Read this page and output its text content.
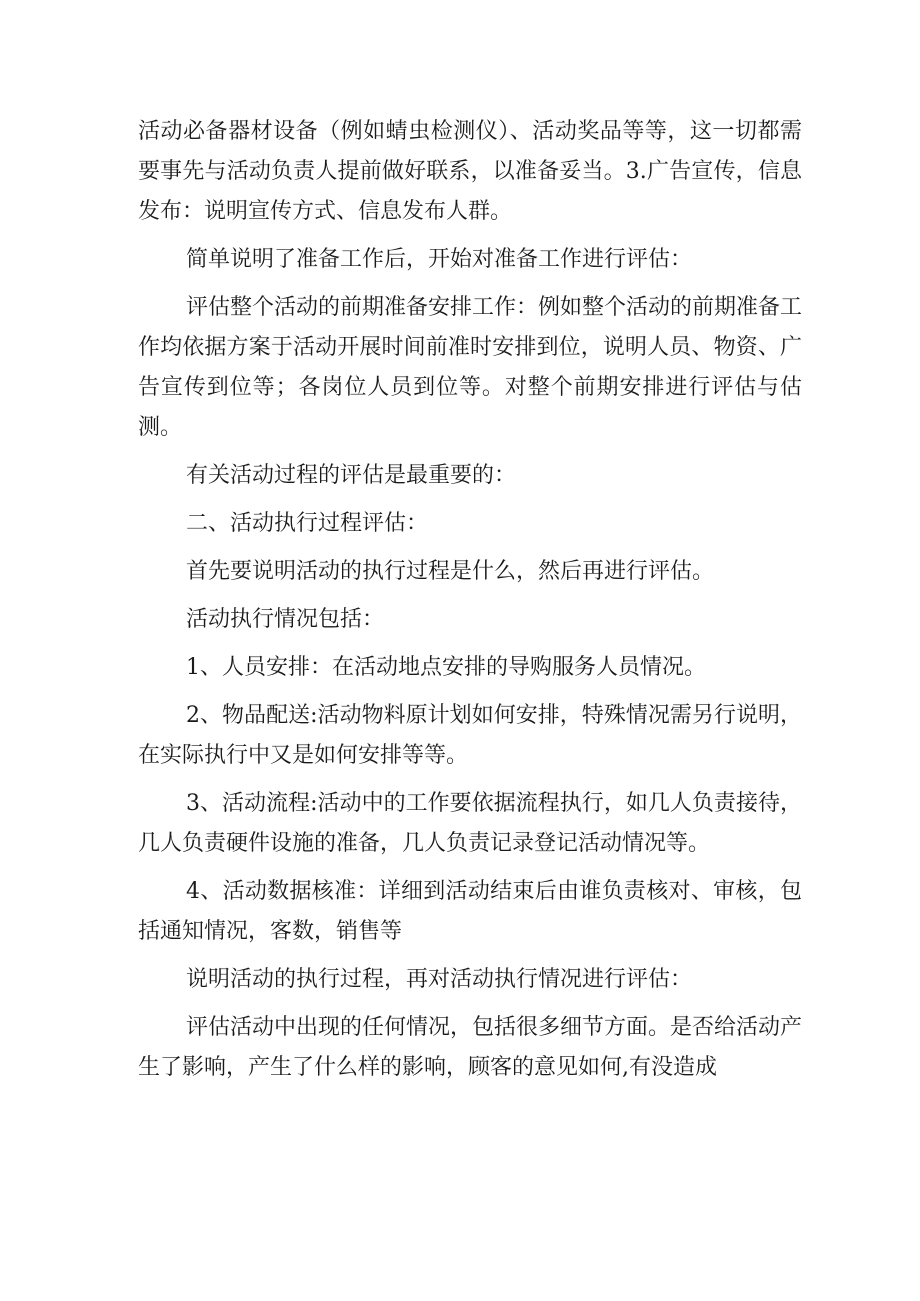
活动必备器材设备（例如蜻虫检测仪）、活动奖品等等，这一切都需要事先与活动负责人提前做好联系，以准备妥当。3.广告宣传，信息发布：说明宣传方式、信息发布人群。

简单说明了准备工作后，开始对准备工作进行评估：

评估整个活动的前期准备安排工作：例如整个活动的前期准备工作均依据方案于活动开展时间前准时安排到位，说明人员、物资、广告宣传到位等；各岗位人员到位等。对整个前期安排进行评估与估测。

有关活动过程的评估是最重要的：

二、活动执行过程评估：

首先要说明活动的执行过程是什么，然后再进行评估。

活动执行情况包括：

1、人员安排：在活动地点安排的导购服务人员情况。

2、物品配送:活动物料原计划如何安排，特殊情况需另行说明，在实际执行中又是如何安排等等。

3、活动流程:活动中的工作要依据流程执行，如几人负责接待，几人负责硬件设施的准备，几人负责记录登记活动情况等。

4、活动数据核准：详细到活动结束后由谁负责核对、审核，包括通知情况，客数，销售等

说明活动的执行过程，再对活动执行情况进行评估：

评估活动中出现的任何情况，包括很多细节方面。是否给活动产生了影响，产生了什么样的影响，顾客的意见如何,有没造成
